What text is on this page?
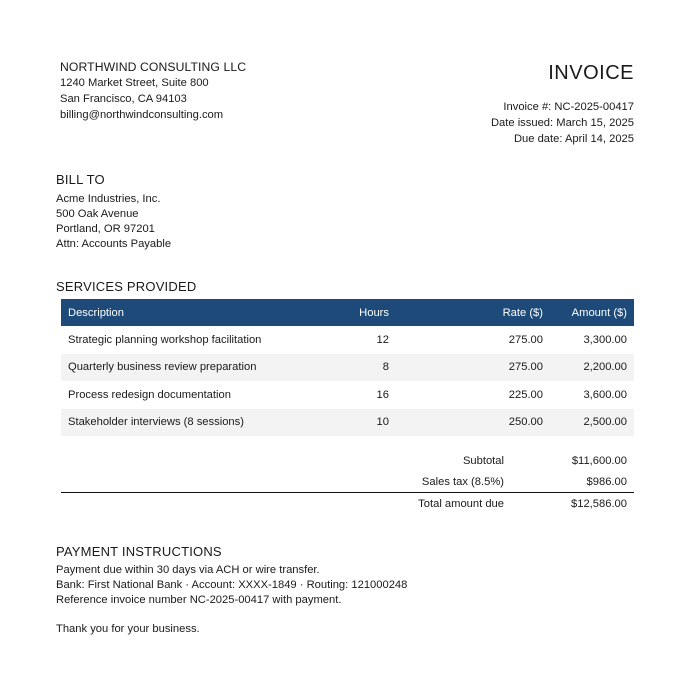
NORTHWIND CONSULTING LLC
1240 Market Street, Suite 800
San Francisco, CA 94103
billing@northwindconsulting.com
INVOICE
Invoice #: NC-2025-00417
Date issued: March 15, 2025
Due date: April 14, 2025
BILL TO
Acme Industries, Inc.
500 Oak Avenue
Portland, OR 97201
Attn: Accounts Payable
SERVICES PROVIDED
Description	Hours	Rate ($)	Amount ($)
Strategic planning workshop facilitation	12	275.00	3,300.00
Quarterly business review preparation	8	275.00	2,200.00
Process redesign documentation	16	225.00	3,600.00
Stakeholder interviews (8 sessions)	10	250.00	2,500.00
Subtotal	$11,600.00
Sales tax (8.5%)	$986.00
Total amount due	$12,586.00
PAYMENT INSTRUCTIONS
Payment due within 30 days via ACH or wire transfer.
Bank: First National Bank · Account: XXXX-1849 · Routing: 121000248
Reference invoice number NC-2025-00417 with payment.
Thank you for your business.
